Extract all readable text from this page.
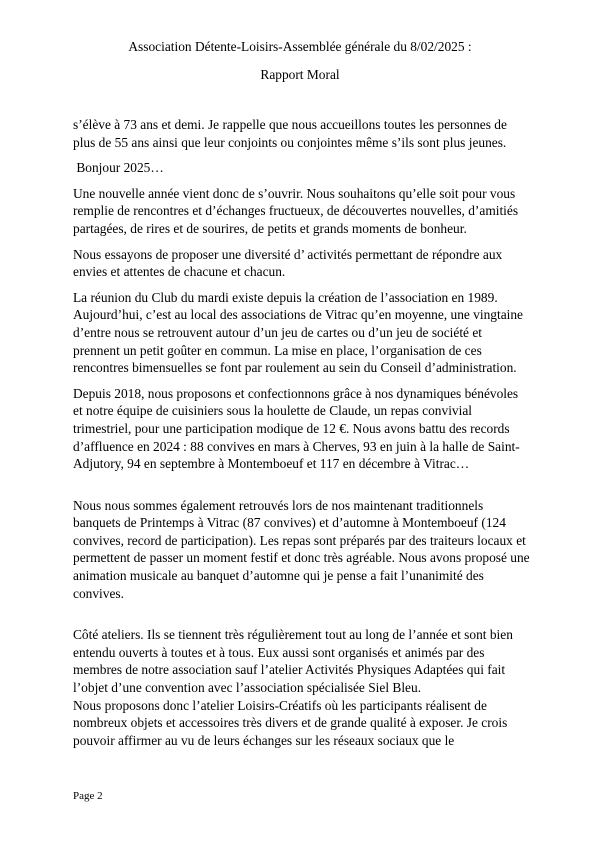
Association Détente-Loisirs-Assemblée générale du 8/02/2025 :
Rapport Moral

s’élève à 73 ans et demi. Je rappelle que nous accueillons toutes les personnes de plus de 55 ans ainsi que leur conjoints ou conjointes même s’ils sont plus jeunes.

Bonjour 2025…

Une nouvelle année vient donc de s’ouvrir. Nous souhaitons qu’elle soit pour vous remplie de rencontres et d’échanges fructueux, de découvertes nouvelles, d’amitiés partagées, de rires et de sourires, de petits et grands moments de bonheur.

Nous essayons de proposer une diversité d’ activités permettant de répondre aux envies et attentes de chacune et chacun.

La réunion du Club du mardi existe depuis la création de l’association en 1989. Aujourd’hui, c’est au local des associations de Vitrac qu’en moyenne, une vingtaine d’entre nous se retrouvent autour d’un jeu de cartes ou d’un jeu de société et prennent un petit goûter en commun. La mise en place, l’organisation de ces rencontres bimensuelles se font par roulement au sein du Conseil d’administration.

Depuis 2018, nous proposons et confectionnons grâce à nos dynamiques bénévoles et notre équipe de cuisiniers sous la houlette de Claude, un repas convivial trimestriel, pour une participation modique de 12 €. Nous avons battu des records d’affluence en 2024 : 88 convives en mars à Cherves, 93 en juin à la halle de Saint-Adjutory, 94 en septembre à Montemboeuf et 117 en décembre à Vitrac…

Nous nous sommes également retrouvés lors de nos maintenant traditionnels banquets de Printemps à Vitrac (87 convives) et d’automne à Montemboeuf (124 convives, record de participation). Les repas sont préparés par des traiteurs locaux et permettent de passer un moment festif et donc très agréable. Nous avons proposé une animation musicale au banquet d’automne qui je pense a fait l’unanimité des convives.

Côté ateliers. Ils se tiennent très régulièrement tout au long de l’année et sont bien entendu ouverts à toutes et à tous. Eux aussi sont organisés et animés par des membres de notre association sauf l’atelier Activités Physiques Adaptées qui fait l’objet d’une convention avec l’association spécialisée Siel Bleu.

Nous proposons donc l’atelier Loisirs-Créatifs où les participants réalisent de nombreux objets et accessoires très divers et de grande qualité à exposer. Je crois pouvoir affirmer au vu de leurs échanges sur les réseaux sociaux que le

Page 2
